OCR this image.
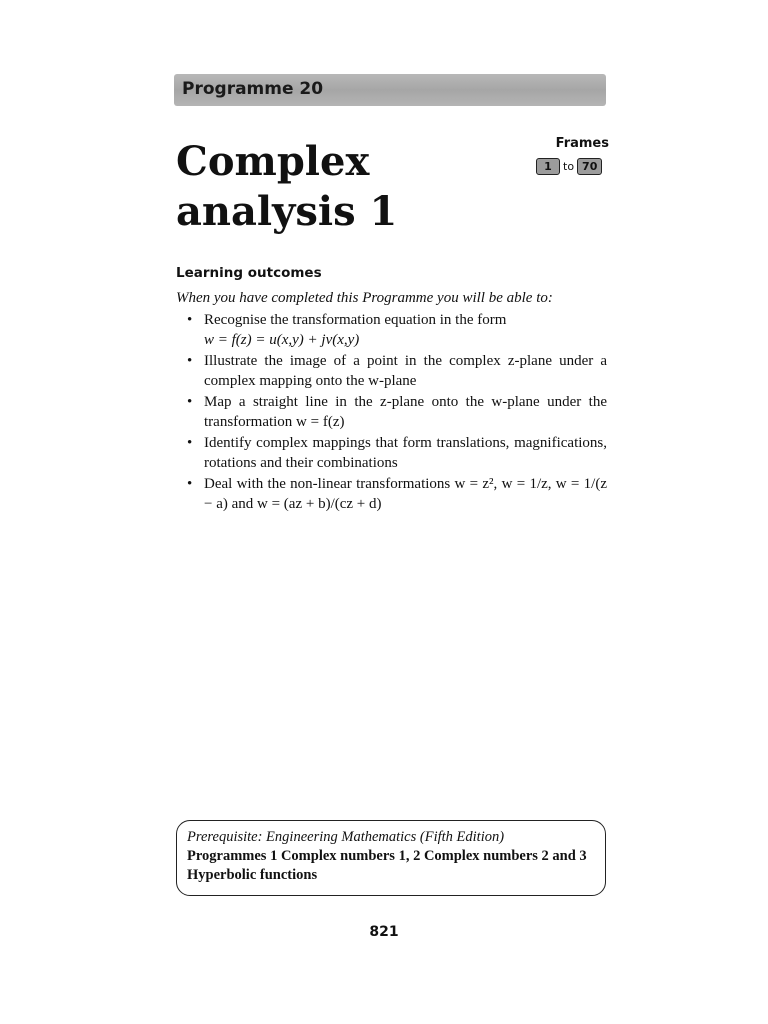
Programme 20
Complex
analysis 1
Frames
1	to 70
Learning outcomes
When you have completed this Programme you will be able to:
• Recognise the transformation equation in the form
w = f(z) = u(x,y) + jv(x,y)
• Illustrate the image of a point in the complex z-plane under a complex mapping onto the w-plane
• Map a straight line in the z-plane onto the w-plane under the transformation w = f(z)
• Identify complex mappings that form translations, magnifications, rotations and their combinations
• Deal with the non-linear transformations w = z², w = 1/z, w = 1/(z − a) and w = (az + b)/(cz + d)
Prerequisite: Engineering Mathematics (Fifth Edition)
Programmes 1 Complex numbers 1, 2 Complex numbers 2 and 3 Hyperbolic functions
821
